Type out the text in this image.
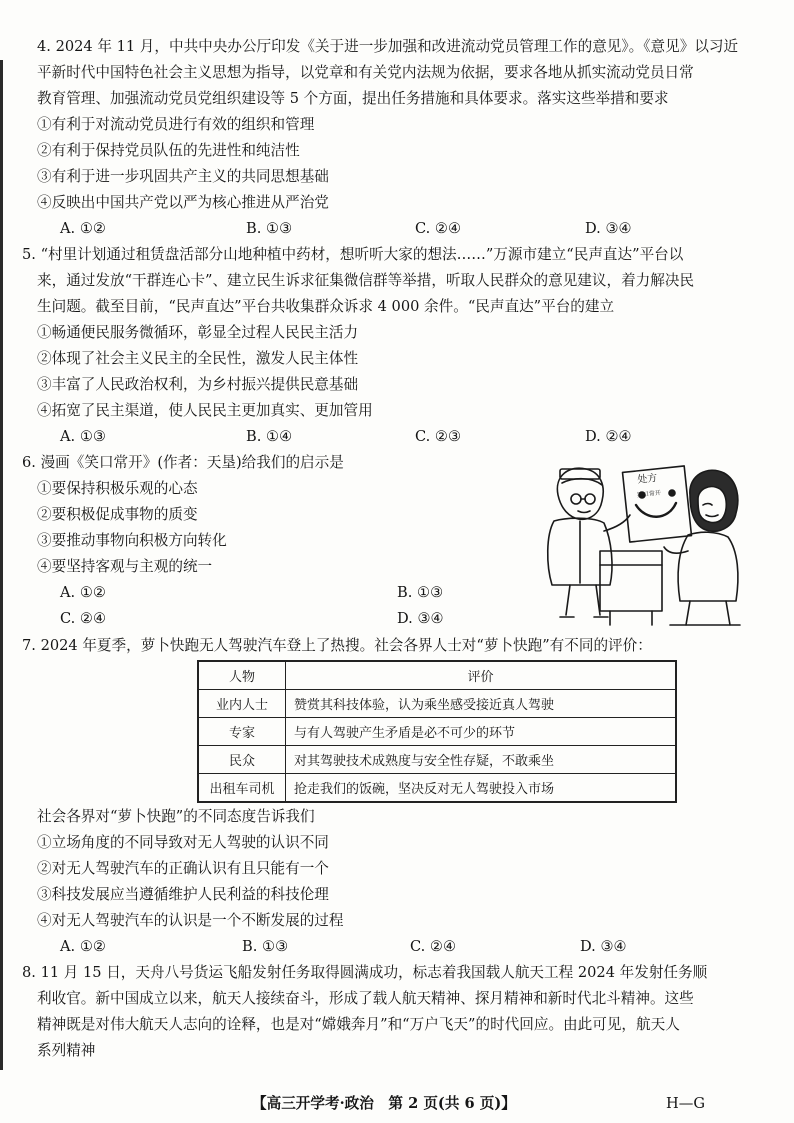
4. 2024 年 11 月，中共中央办公厅印发《关于进一步加强和改进流动党员管理工作的意见》。《意见》以习近
平新时代中国特色社会主义思想为指导，以党章和有关党内法规为依据，要求各地从抓实流动党员日常
教育管理、加强流动党员党组织建设等 5 个方面，提出任务措施和具体要求。落实这些举措和要求
①有利于对流动党员进行有效的组织和管理
②有利于保持党员队伍的先进性和纯洁性
③有利于进一步巩固共产主义的共同思想基础
④反映出中国共产党以严为核心推进从严治党
A. ①②	B. ①③	C. ②④	D. ③④
5. “村里计划通过租赁盘活部分山地种植中药材，想听听大家的想法……”万源市建立“民声直达”平台以
来，通过发放“干群连心卡”、建立民生诉求征集微信群等举措，听取人民群众的意见建议，着力解决民
生问题。截至目前，“民声直达”平台共收集群众诉求 4 000 余件。“民声直达”平台的建立
①畅通便民服务微循环，彰显全过程人民民主活力
②体现了社会主义民主的全民性，激发人民主体性
③丰富了人民政治权利，为乡村振兴提供民意基础
④拓宽了民主渠道，使人民民主更加真实、更加管用
A. ①③	B. ①④	C. ②③	D. ②④
6. 漫画《笑口常开》(作者：天垦)给我们的启示是
①要保持积极乐观的心态
②要积极促成事物的质变
③要推动事物向积极方向转化
④要坚持客观与主观的统一
A. ①②	B. ①③
C. ②④	D. ③④
处方
笑口常开
7. 2024 年夏季，萝卜快跑无人驾驶汽车登上了热搜。社会各界人士对“萝卜快跑”有不同的评价：
人物	评价
业内人士	赞赏其科技体验，认为乘坐感受接近真人驾驶
专家	与有人驾驶产生矛盾是必不可少的环节
民众	对其驾驶技术成熟度与安全性存疑，不敢乘坐
出租车司机	抢走我们的饭碗，坚决反对无人驾驶投入市场
社会各界对“萝卜快跑”的不同态度告诉我们
①立场角度的不同导致对无人驾驶的认识不同
②对无人驾驶汽车的正确认识有且只能有一个
③科技发展应当遵循维护人民利益的科技伦理
④对无人驾驶汽车的认识是一个不断发展的过程
A. ①②	B. ①③	C. ②④	D. ③④
8. 11 月 15 日，天舟八号货运飞船发射任务取得圆满成功，标志着我国载人航天工程 2024 年发射任务顺
利收官。新中国成立以来，航天人接续奋斗，形成了载人航天精神、探月精神和新时代北斗精神。这些
精神既是对伟大航天人志向的诠释，也是对“嫦娥奔月”和“万户飞天”的时代回应。由此可见，航天人
系列精神
【高三开学考·政治　第 2 页(共 6 页)】	H—G
